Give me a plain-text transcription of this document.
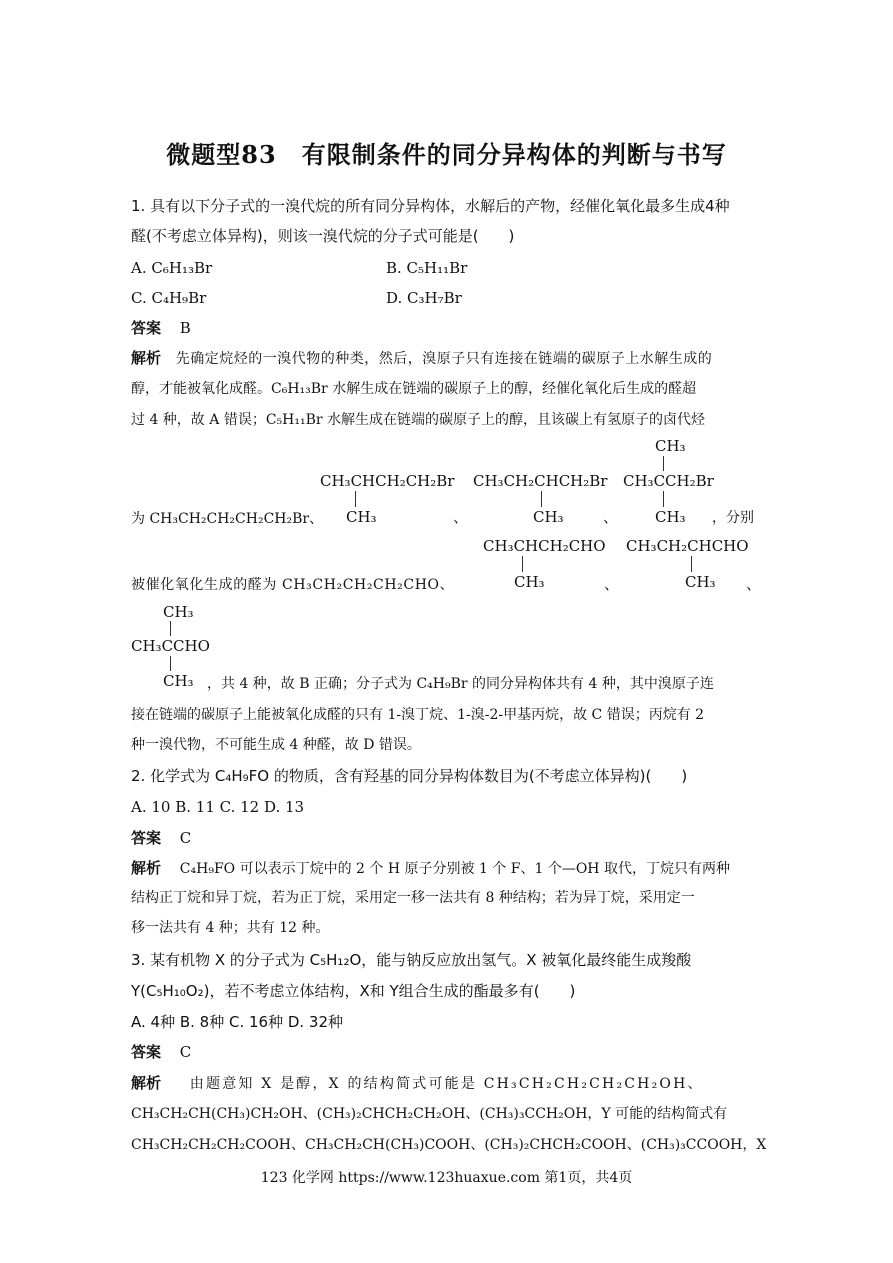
微题型83　有限制条件的同分异构体的判断与书写
1. 具有以下分子式的一溴代烷的所有同分异构体，水解后的产物，经催化氧化最多生成4种
醛(不考虑立体异构)，则该一溴代烷的分子式可能是(　　)
A. C₆H₁₃Br	B. C₅H₁₁Br
C. C₄H₉Br	D. C₃H₇Br
答案 B
解析 先确定烷烃的一溴代物的种类，然后，溴原子只有连接在链端的碳原子上水解生成的
醇，才能被氧化成醛。C₆H₁₃Br 水解生成在链端的碳原子上的醇，经催化氧化后生成的醛超
过 4 种，故 A 错误；C₅H₁₁Br 水解生成在链端的碳原子上的醇，且该碳上有氢原子的卤代烃
为 CH₃CH₂CH₂CH₂CH₂Br、
CH₃CHCH₂CH₂Br
CH₃	、
CH₃CH₂CHCH₂Br
CH₃	、
CH₃
CH₃CCH₂Br
CH₃ ，分别
被催化氧化生成的醛为 CH₃CH₂CH₂CH₂CHO、
CH₃CHCH₂CHO
CH₃	、
CH₃CH₂CHCHO
CH₃ 、
CH₃
CH₃CCHO
CH₃ ，共 4 种，故 B 正确；分子式为 C₄H₉Br 的同分异构体共有 4 种，其中溴原子连
接在链端的碳原子上能被氧化成醛的只有 1-溴丁烷、1-溴-2-甲基丙烷，故 C 错误；丙烷有 2
种一溴代物，不可能生成 4 种醛，故 D 错误。
2. 化学式为 C₄H₉FO 的物质，含有羟基的同分异构体数目为(不考虑立体异构)(　　)
A. 10 B. 11 C. 12 D. 13
答案 C
解析 C₄H₉FO 可以表示丁烷中的 2 个 H 原子分别被 1 个 F、1 个—OH 取代，丁烷只有两种
结构正丁烷和异丁烷，若为正丁烷，采用定一移一法共有 8 种结构；若为异丁烷，采用定一
移一法共有 4 种；共有 12 种。
3. 某有机物 X 的分子式为 C₅H₁₂O，能与钠反应放出氢气。X 被氧化最终能生成羧酸
Y(C₅H₁₀O₂)，若不考虑立体结构，X和 Y组合生成的酯最多有(　　)
A. 4种 B. 8种 C. 16种 D. 32种
答案 C
解析 由题意知 X 是醇，X 的结构简式可能是 CH₃CH₂CH₂CH₂CH₂OH、
CH₃CH₂CH(CH₃)CH₂OH、(CH₃)₂CHCH₂CH₂OH、(CH₃)₃CCH₂OH，Y 可能的结构简式有
CH₃CH₂CH₂CH₂COOH、CH₃CH₂CH(CH₃)COOH、(CH₃)₂CHCH₂COOH、(CH₃)₃CCOOH，X
123 化学网 https://www.123huaxue.com 第1页，共4页
